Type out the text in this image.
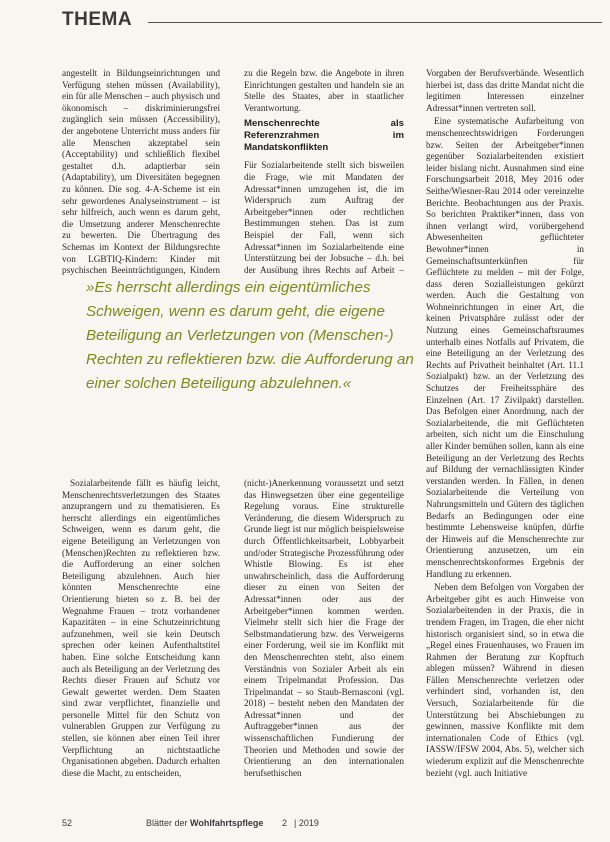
THEMA

angestellt in Bildungseinrichtungen und Verfügung stehen müssen (Availability), ein für alle Menschen – auch physisch und ökonomisch – diskriminierungsfrei zugänglich sein müssen (Accessibility), der angebotene Unterricht muss anders für alle Menschen akzeptabel sein (Acceptability) und schließlich flexibel gestaltet d.h. adaptierbar sein (Adaptability), um Diversitäten begegnen zu können. Die sog. 4-A-Scheme ist ein sehr gewordenes Analyseinstrument – ist sehr hilfreich, auch wenn es darum geht, die Umsetzung anderer Menschenrechte zu bewerten. Die Übertragung des Schemas im Kontext der Bildungsrechte von LGBTIQ-Kindern: Kinder mit psychischen Beeinträchtigungen, Kindern

zu die Regeln bzw. die Angebote in ihren Einrichtungen gestalten und handeln sie an Stelle des Staates, aber in staatlicher Verantwortung.

Menschenrechte als Referenzrahmen im Mandatskonflikten

Für Sozialarbeitende stellt sich bisweilen die Frage, wie mit Mandaten der Adressat*innen umzugehen ist, die im Widerspruch zum Auftrag der Arbeitgeber*innen oder rechtlichen Bestimmungen stehen. Das ist zum Beispiel der Fall, wenn sich Adressat*innen im Sozialarbeitende eine Unterstützung bei der Jobsuche – d.h. bei der Ausübung ihres Rechts auf Arbeit –

Vorgaben der Berufsverbände. Wesentlich hierbei ist, dass das dritte Mandat nicht die legitimen Interessen einzelner Adressat*innen vertreten soll.

Eine systematische Aufarbeitung von menschenrechtswidrigen Forderungen bzw. Seiten der Arbeitgeber*innen gegenüber Sozialarbeitenden existiert leider bislang nicht. Ausnahmen sind eine Forschungsarbeit 2018, Mey 2016 oder Seithe/Wiesner-Rau 2014 oder vereinzelte Berichte. Beobachtungen aus der Praxis. So berichten Praktiker*innen, dass von ihnen verlangt wird, vorübergehend Abwesenheiten geflüchteter Bewohner*innen in Gemeinschaftsunterkünften für Geflüchtete zu melden – mit der Folge, dass deren Sozialleistungen gekürzt werden. Auch die Gestaltung von Wohneinrichtungen in einer Art, die keinen Privatsphäre zulässt oder der Nutzung eines Gemeinschaftsraumes unterhalb eines Notfalls auf Privatem, die eine Beteiligung an der Verletzung des Rechts auf Privatheit beinhaltet (Art. 11.1 Sozialpakt) bzw. an der Verletzung des Schutzes der Freiheitssphäre des Einzelnen (Art. 17 Zivilpakt) darstellen. Das Befolgen einer Anordnung, nach der Sozialarbeitende, die mit Geflüchteten arbeiten, sich nicht um die Einschulung aller Kinder bemühen sollen, kann als eine Beteiligung an der Verletzung des Rechts auf Bildung der vernachlässigten Kinder verstanden werden. In Fällen, in denen Sozialarbeitende die Verteilung von Nahrungsmitteln und Gütern des täglichen Bedarfs an Bedingungen oder eine bestimmte Lebensweise knüpfen, dürfte der Hinweis auf die Menschenrechte zur Orientierung anzusetzen, um ein menschenrechtskonformes Ergebnis der Handlung zu erkennen.

Neben dem Befolgen von Vorgaben der Arbeitgeber gibt es auch Hinweise von Sozialarbeitenden in der Praxis, die in trendem Fragen, im Tragen, die eher nicht historisch organisiert sind, so in etwa die „Regel eines Frauenhauses, wo Frauen im Rahmen der Beratung zur Kopftuch ablegen müssen? Während in diesen Fällen Menschenrechte verletzen oder verhindert sind, vorhanden ist, den Versuch, Sozialarbeitende für die Unterstützung bei Abschiebungen zu gewinnen, massive Konflikte mit dem internationalen Code of Ethics (vgl. IASSW/IFSW 2004, Abs. 5), welcher sich wiederum explizit auf die Menschenrechte bezieht (vgl. auch Initiative

»Es herrscht allerdings ein eigentümliches Schweigen, wenn es darum geht, die eigene Beteiligung an Verletzungen von (Menschen-) Rechten zu reflektieren bzw. die Aufforderung an einer solchen Beteiligung abzulehnen.«

Sozialarbeitende fällt es häufig leicht, Menschenrechtsverletzungen des Staates anzuprangern und zu thematisieren. Es herrscht allerdings ein eigentümliches Schweigen, wenn es darum geht, die eigene Beteiligung an Verletzungen von (Menschen)Rechten zu reflektieren bzw. die Aufforderung an einer solchen Beteiligung abzulehnen. Auch hier könnten Menschenrechte eine Orientierung bieten so z. B. bei der Wegnahme Frauen – trotz vorhandener Kapazitäten – in eine Schutzeinrichtung aufzunehmen, weil sie kein Deutsch sprechen oder keinen Aufenthaltstitel haben. Eine solche Entscheidung kann auch als Beteiligung an der Verletzung des Rechts dieser Frauen auf Schutz vor Gewalt gewertet werden. Dem Staaten sind zwar verpflichtet, finanzielle und personelle Mittel für den Schutz von vulnerablen Gruppen zur Verfügung zu stellen, sie können aber einen Teil ihrer Verpflichtung an nichtstaatliche Organisationen abgeben. Dadurch erhalten diese die Macht, zu entscheiden,

(nicht-)Anerkennung voraussetzt und setzt das Hinwegsetzen über eine gegenteilige Regelung voraus. Eine strukturelle Veränderung, die diesem Widerspruch zu Grunde liegt ist nur möglich beispielsweise durch Öffentlichkeitsarbeit, Lobbyarbeit und/oder Strategische Prozessführung oder Whistle Blowing. Es ist eher unwahrscheinlich, dass die Aufforderung dieser zu einen von Seiten der Adressat*innen oder aus der Arbeitgeber*innen kommen werden. Vielmehr stellt sich hier die Frage der Selbstmandatierung bzw. des Verweigerns einer Forderung, weil sie im Konflikt mit den Menschenrechten steht, also einem Verständnis von Sozialer Arbeit als ein einem Tripelmandat Profession. Das Tripelmandat – so Staub-Bernasconi (vgl. 2018) – besteht neben den Mandaten der Adressat*innen und der Auftraggeber*innen aus der wissenschaftlichen Fundierung der Theorien und Methoden und sowie der Orientierung an den internationalen berufsethischen

52	Blätter der Wohlfahrtspflege 2 | 2019
